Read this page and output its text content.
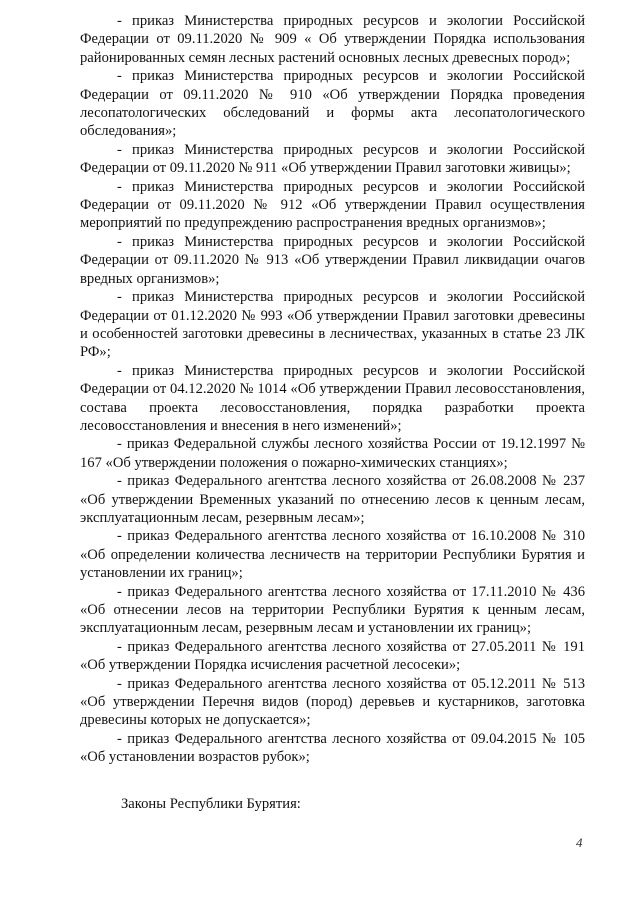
- приказ Министерства природных ресурсов и экологии Российской Федерации от 09.11.2020 № 909 « Об утверждении Порядка использования районированных семян лесных растений основных лесных древесных пород»;

- приказ Министерства природных ресурсов и экологии Российской Федерации от 09.11.2020 № 910 «Об утверждении Порядка проведения лесопатологических обследований и формы акта лесопатологического обследования»;

- приказ Министерства природных ресурсов и экологии Российской Федерации от 09.11.2020 № 911 «Об утверждении Правил заготовки живицы»;

- приказ Министерства природных ресурсов и экологии Российской Федерации от 09.11.2020 № 912 «Об утверждении Правил осуществления мероприятий по предупреждению распространения вредных организмов»;

- приказ Министерства природных ресурсов и экологии Российской Федерации от 09.11.2020 № 913 «Об утверждении Правил ликвидации очагов вредных организмов»;

- приказ Министерства природных ресурсов и экологии Российской Федерации от 01.12.2020 № 993 «Об утверждении Правил заготовки древесины и особенностей заготовки древесины в лесничествах, указанных в статье 23 ЛК РФ»;

- приказ Министерства природных ресурсов и экологии Российской Федерации от 04.12.2020 № 1014 «Об утверждении Правил лесовосстановления, состава проекта лесовосстановления, порядка разработки проекта лесовосстановления и внесения в него изменений»;

- приказ Федеральной службы лесного хозяйства России от 19.12.1997 № 167 «Об утверждении положения о пожарно-химических станциях»;

- приказ Федерального агентства лесного хозяйства от 26.08.2008 № 237 «Об утверждении Временных указаний по отнесению лесов к ценным лесам, эксплуатационным лесам, резервным лесам»;

- приказ Федерального агентства лесного хозяйства от 16.10.2008 № 310 «Об определении количества лесничеств на территории Республики Бурятия и установлении их границ»;

- приказ Федерального агентства лесного хозяйства от 17.11.2010 № 436 «Об отнесении лесов на территории Республики Бурятия к ценным лесам, эксплуатационным лесам, резервным лесам и установлении их границ»;

- приказ Федерального агентства лесного хозяйства от 27.05.2011 № 191 «Об утверждении Порядка исчисления расчетной лесосеки»;

- приказ Федерального агентства лесного хозяйства от 05.12.2011 № 513 «Об утверждении Перечня видов (пород) деревьев и кустарников, заготовка древесины которых не допускается»;

- приказ Федерального агентства лесного хозяйства от 09.04.2015 № 105 «Об установлении возрастов рубок»;

Законы Республики Бурятия:
4
